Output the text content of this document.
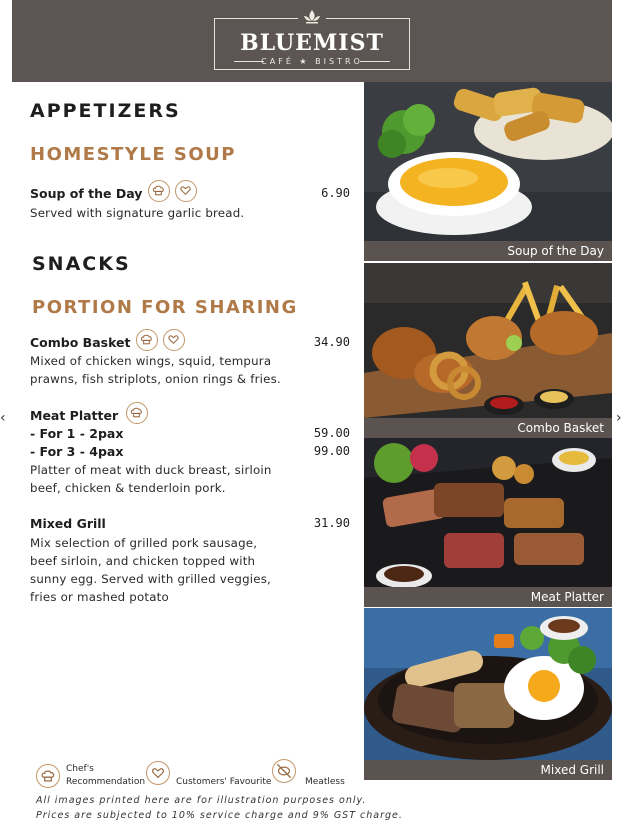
BLUEMIST
CAFÉ ★ BISTRO
APPETIZERS
HOMESTYLE SOUP
Soup of the Day
	6.90
Served with signature garlic bread.
SNACKS
PORTION FOR SHARING
Combo Basket
	34.90
Mixed of chicken wings, squid, tempura
prawns, fish striplots, onion rings & fries.
Meat Platter
- For 1 - 2pax	59.00
- For 3 - 4pax	99.00
Platter of meat with duck breast, sirloin
beef, chicken & tenderloin pork.
Mixed Grill	31.90
Mix selection of grilled pork sausage,
beef sirloin, and chicken topped with
sunny egg. Served with grilled veggies,
fries or mashed potato
Soup of the Day
Combo Basket
Meat Platter
Mixed Grill
Chef's
Recommendation	Customers' Favourite	Meatless
All images printed here are for illustration purposes only.
Prices are subjected to 10% service charge and 9% GST charge.	OpenRice
‹	›
